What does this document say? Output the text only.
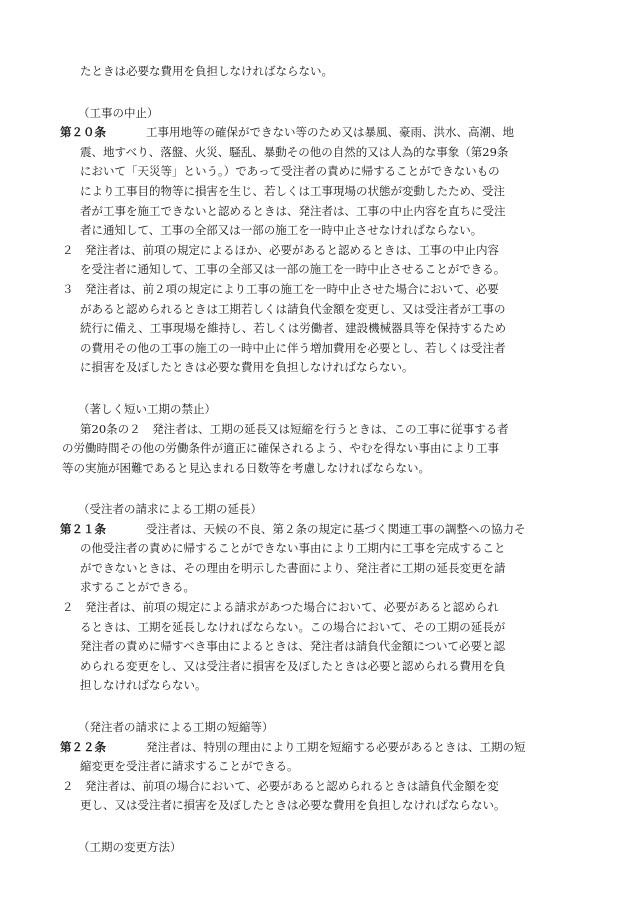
たときは必要な費用を負担しなければならない。
（工事の中止）
第２０条	工事用地等の確保ができない等のため又は暴風、豪雨、洪水、高潮、地
震、地すべり、落盤、火災、騒乱、暴動その他の自然的又は人為的な事象（第29条
において「天災等」という。）であって受注者の責めに帰することができないもの
により工事目的物等に損害を生じ、若しくは工事現場の状態が変動したため、受注
者が工事を施工できないと認めるときは、発注者は、工事の中止内容を直ちに受注
者に通知して、工事の全部又は一部の施工を一時中止させなければならない。
２　発注者は、前項の規定によるほか、必要があると認めるときは、工事の中止内容
を受注者に通知して、工事の全部又は一部の施工を一時中止させることができる。
３　発注者は、前２項の規定により工事の施工を一時中止させた場合において、必要
があると認められるときは工期若しくは請負代金額を変更し、又は受注者が工事の
続行に備え、工事現場を維持し、若しくは労働者、建設機械器具等を保持するため
の費用その他の工事の施工の一時中止に伴う増加費用を必要とし、若しくは受注者
に損害を及ぼしたときは必要な費用を負担しなければならない。
（著しく短い工期の禁止）
第20条の２　発注者は、工期の延長又は短縮を行うときは、この工事に従事する者
の労働時間その他の労働条件が適正に確保されるよう、やむを得ない事由により工事
等の実施が困難であると見込まれる日数等を考慮しなければならない。
（受注者の請求による工期の延長）
第２１条	受注者は、天候の不良、第２条の規定に基づく関連工事の調整への協力そ
の他受注者の責めに帰することができない事由により工期内に工事を完成すること
ができないときは、その理由を明示した書面により、発注者に工期の延長変更を請
求することができる。
２　発注者は、前項の規定による請求があつた場合において、必要があると認められ
るときは、工期を延長しなければならない。この場合において、その工期の延長が
発注者の責めに帰すべき事由によるときは、発注者は請負代金額について必要と認
められる変更をし、又は受注者に損害を及ぼしたときは必要と認められる費用を負
担しなければならない。
（発注者の請求による工期の短縮等）
第２２条	発注者は、特別の理由により工期を短縮する必要があるときは、工期の短
縮変更を受注者に請求することができる。
２　発注者は、前項の場合において、必要があると認められるときは請負代金額を変
更し、又は受注者に損害を及ぼしたときは必要な費用を負担しなければならない。
（工期の変更方法）
